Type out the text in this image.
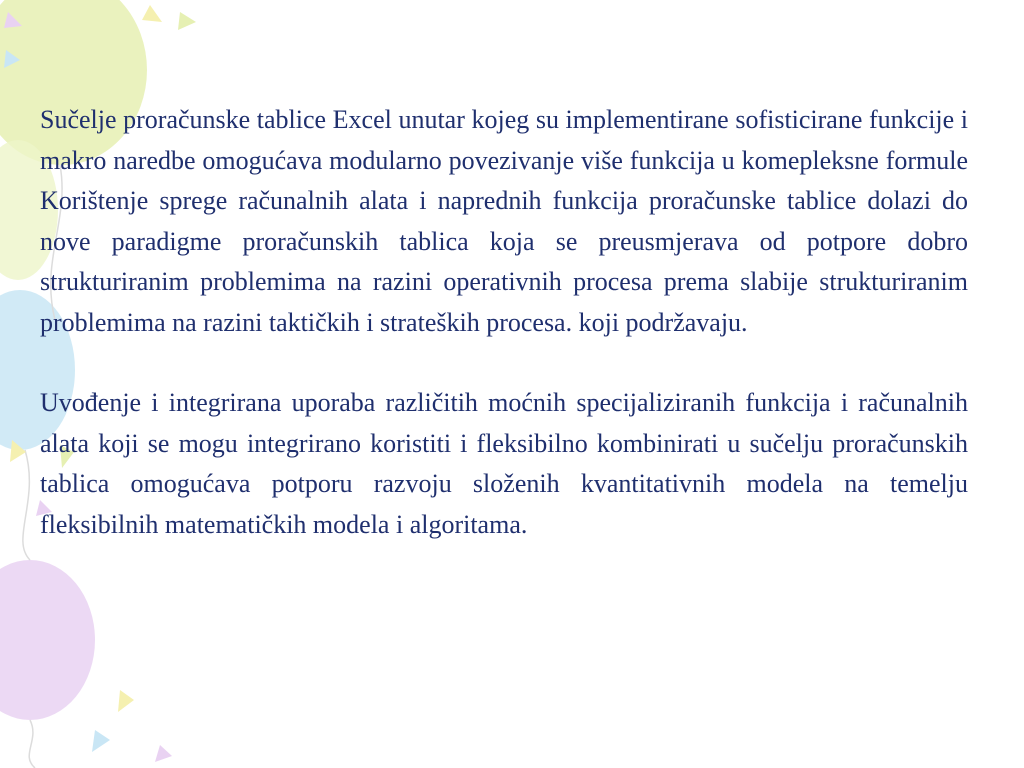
Sučelje proračunske tablice Excel unutar kojeg su implementirane sofisticirane funkcije i makro naredbe omogućava modularno povezivanje više funkcija u komepleksne formule Korištenje sprege računalnih alata i naprednih funkcija proračunske tablice dolazi do nove paradigme proračunskih tablica koja se preusmjerava od potpore dobro strukturiranim problemima na razini operativnih procesa prema slabije strukturiranim problemima na razini taktičkih i strateških procesa. koji podržavaju.

Uvođenje i integrirana uporaba različitih moćnih specijaliziranih funkcija i računalnih alata koji se mogu integrirano koristiti i fleksibilno kombinirati u sučelju proračunskih tablica omogućava potporu razvoju složenih kvantitativnih modela na temelju fleksibilnih matematičkih modela i algoritama.
